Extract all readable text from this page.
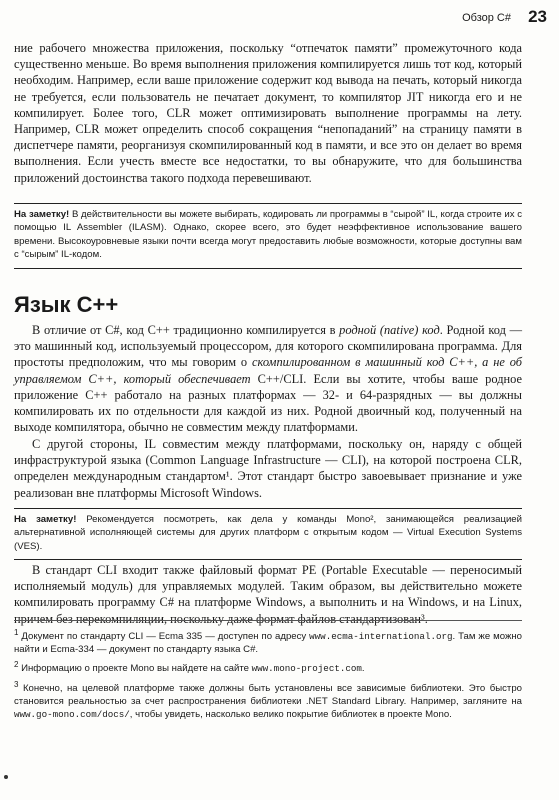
Обзор C# 23

ние рабочего множества приложения, поскольку “отпечаток памяти” промежуточного кода существенно меньше. Во время выполнения приложения компилируется лишь тот код, который необходим. Например, если ваше приложение содержит код вывода на печать, который никогда не требуется, если пользователь не печатает документ, то компилятор JIT никогда его и не компилирует. Более того, CLR может оптимизировать выполнение программы на лету. Например, CLR может определить способ сокращения “непопаданий” на страницу памяти в диспетчере памяти, реорганизуя скомпилированный код в памяти, и все это он делает во время выполнения. Если учесть вместе все недостатки, то вы обнаружите, что для большинства приложений достоинства такого подхода перевешивают.

На заметку! В действительности вы можете выбирать, кодировать ли программы в “сырой” IL, когда строите их с помощью IL Assembler (ILASM). Однако, скорее всего, это будет неэффективное использование вашего времени. Высокоуровневые языки почти всегда могут предоставить любые возможности, которые доступны вам с “сырым” IL-кодом.

Язык C++

В отличие от C#, код C++ традиционно компилируется в родной (native) код. Родной код — это машинный код, используемый процессором, для которого скомпилирована программа. Для простоты предположим, что мы говорим о скомпилированном в машинный код C++, а не об управляемом C++, который обеспечивает C++/CLI. Если вы хотите, чтобы ваше родное приложение C++ работало на разных платформах — 32- и 64-разрядных — вы должны компилировать их по отдельности для каждой из них. Родной двоичный код, полученный на выходе компилятора, обычно не совместим между платформами.

С другой стороны, IL совместим между платформами, поскольку он, наряду с общей инфраструктурой языка (Common Language Infrastructure — CLI), на которой построена CLR, определен международным стандартом¹. Этот стандарт быстро завоевывает признание и уже реализован вне платформы Microsoft Windows.

На заметку! Рекомендуется посмотреть, как дела у команды Mono², занимающейся реализацией альтернативной исполняющей системы для других платформ с открытым кодом — Virtual Execution Systems (VES).

В стандарт CLI входит также файловый формат PE (Portable Executable — переносимый исполняемый модуль) для управляемых модулей. Таким образом, вы действительно можете компилировать программу C# на платформе Windows, а выполнить и на Windows, и на Linux, причем без перекомпиляции, поскольку даже формат файлов стандартизован³.

$^1$ Документ по стандарту CLI — Ecma 335 — доступен по адресу www.ecma-international.org. Там же можно найти и Ecma-334 — документ по стандарту языка C#.

$^2$ Информацию о проекте Mono вы найдете на сайте www.mono-project.com.

$^3$ Конечно, на целевой платформе также должны быть установлены все зависимые библиотеки. Это быстро становится реальностью за счет распространения библиотеки .NET Standard Library. Например, загляните на www.go-mono.com/docs/, чтобы увидеть, насколько велико покрытие библиотек в проекте Mono.
